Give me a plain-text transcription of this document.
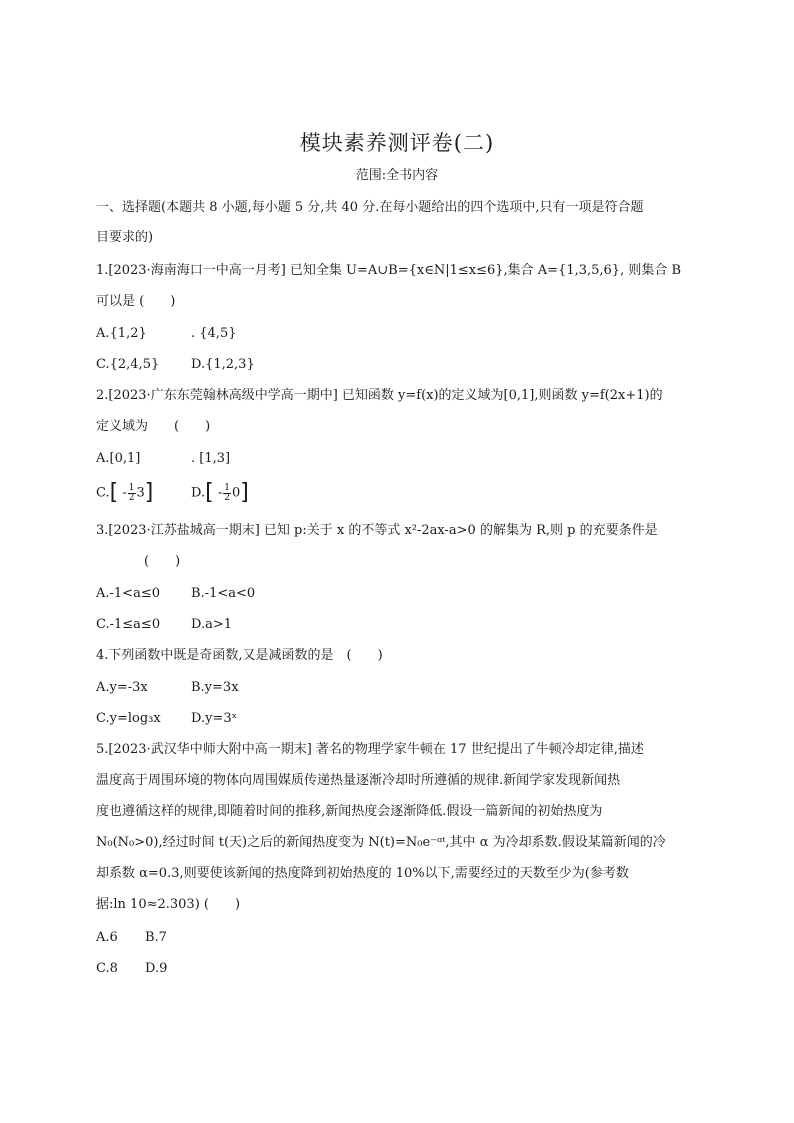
模块素养测评卷(二)
范围:全书内容
一、选择题(本题共 8 小题,每小题 5 分,共 40 分.在每小题给出的四个选项中,只有一项是符合题
目要求的)
1.[2023·海南海口一中高一月考] 已知全集 U=A∪B={x∈N|1≤x≤6},集合 A={1,3,5,6}, 则集合 B
可以是 (　　)
A.{1,2}	. {4,5}
C.{2,4,5} D.{1,2,3}
2.[2023·广东东莞翰林高级中学高一期中] 已知函数 y=f(x)的定义域为[0,1],则函数 y=f(2x+1)的
定义域为　　(　　)
A.[0,1]	. [1,3]
$C.[ - \frac{1}{2} 3]$	$D.[ - \frac{1}{2} 0]$
3.[2023·江苏盐城高一期末] 已知 p:关于 x 的不等式 x²-2ax-a>0 的解集为 R,则 p 的充要条件是
(　　)
A.-1<a≤0 B.-1<a<0
C.-1≤a≤0 D.a>1
4.下列函数中既是奇函数,又是减函数的是　(　　)
A.y=-3x	B.y=3x
C.y=log₃x D.y=3ˣ
5.[2023·武汉华中师大附中高一期末] 著名的物理学家牛顿在 17 世纪提出了牛顿冷却定律,描述
温度高于周围环境的物体向周围媒质传递热量逐渐冷却时所遵循的规律.新闻学家发现新闻热
度也遵循这样的规律,即随着时间的推移,新闻热度会逐渐降低.假设一篇新闻的初始热度为
N₀(N₀>0),经过时间 t(天)之后的新闻热度变为 N(t)=N₀e⁻ᵅᵗ,其中 α 为冷却系数.假设某篇新闻的冷
却系数 α=0.3,则要使该新闻的热度降到初始热度的 10%以下,需要经过的天数至少为(参考数
据:ln 10≈2.303) (　　)
A.6 B.7
C.8 D.9
